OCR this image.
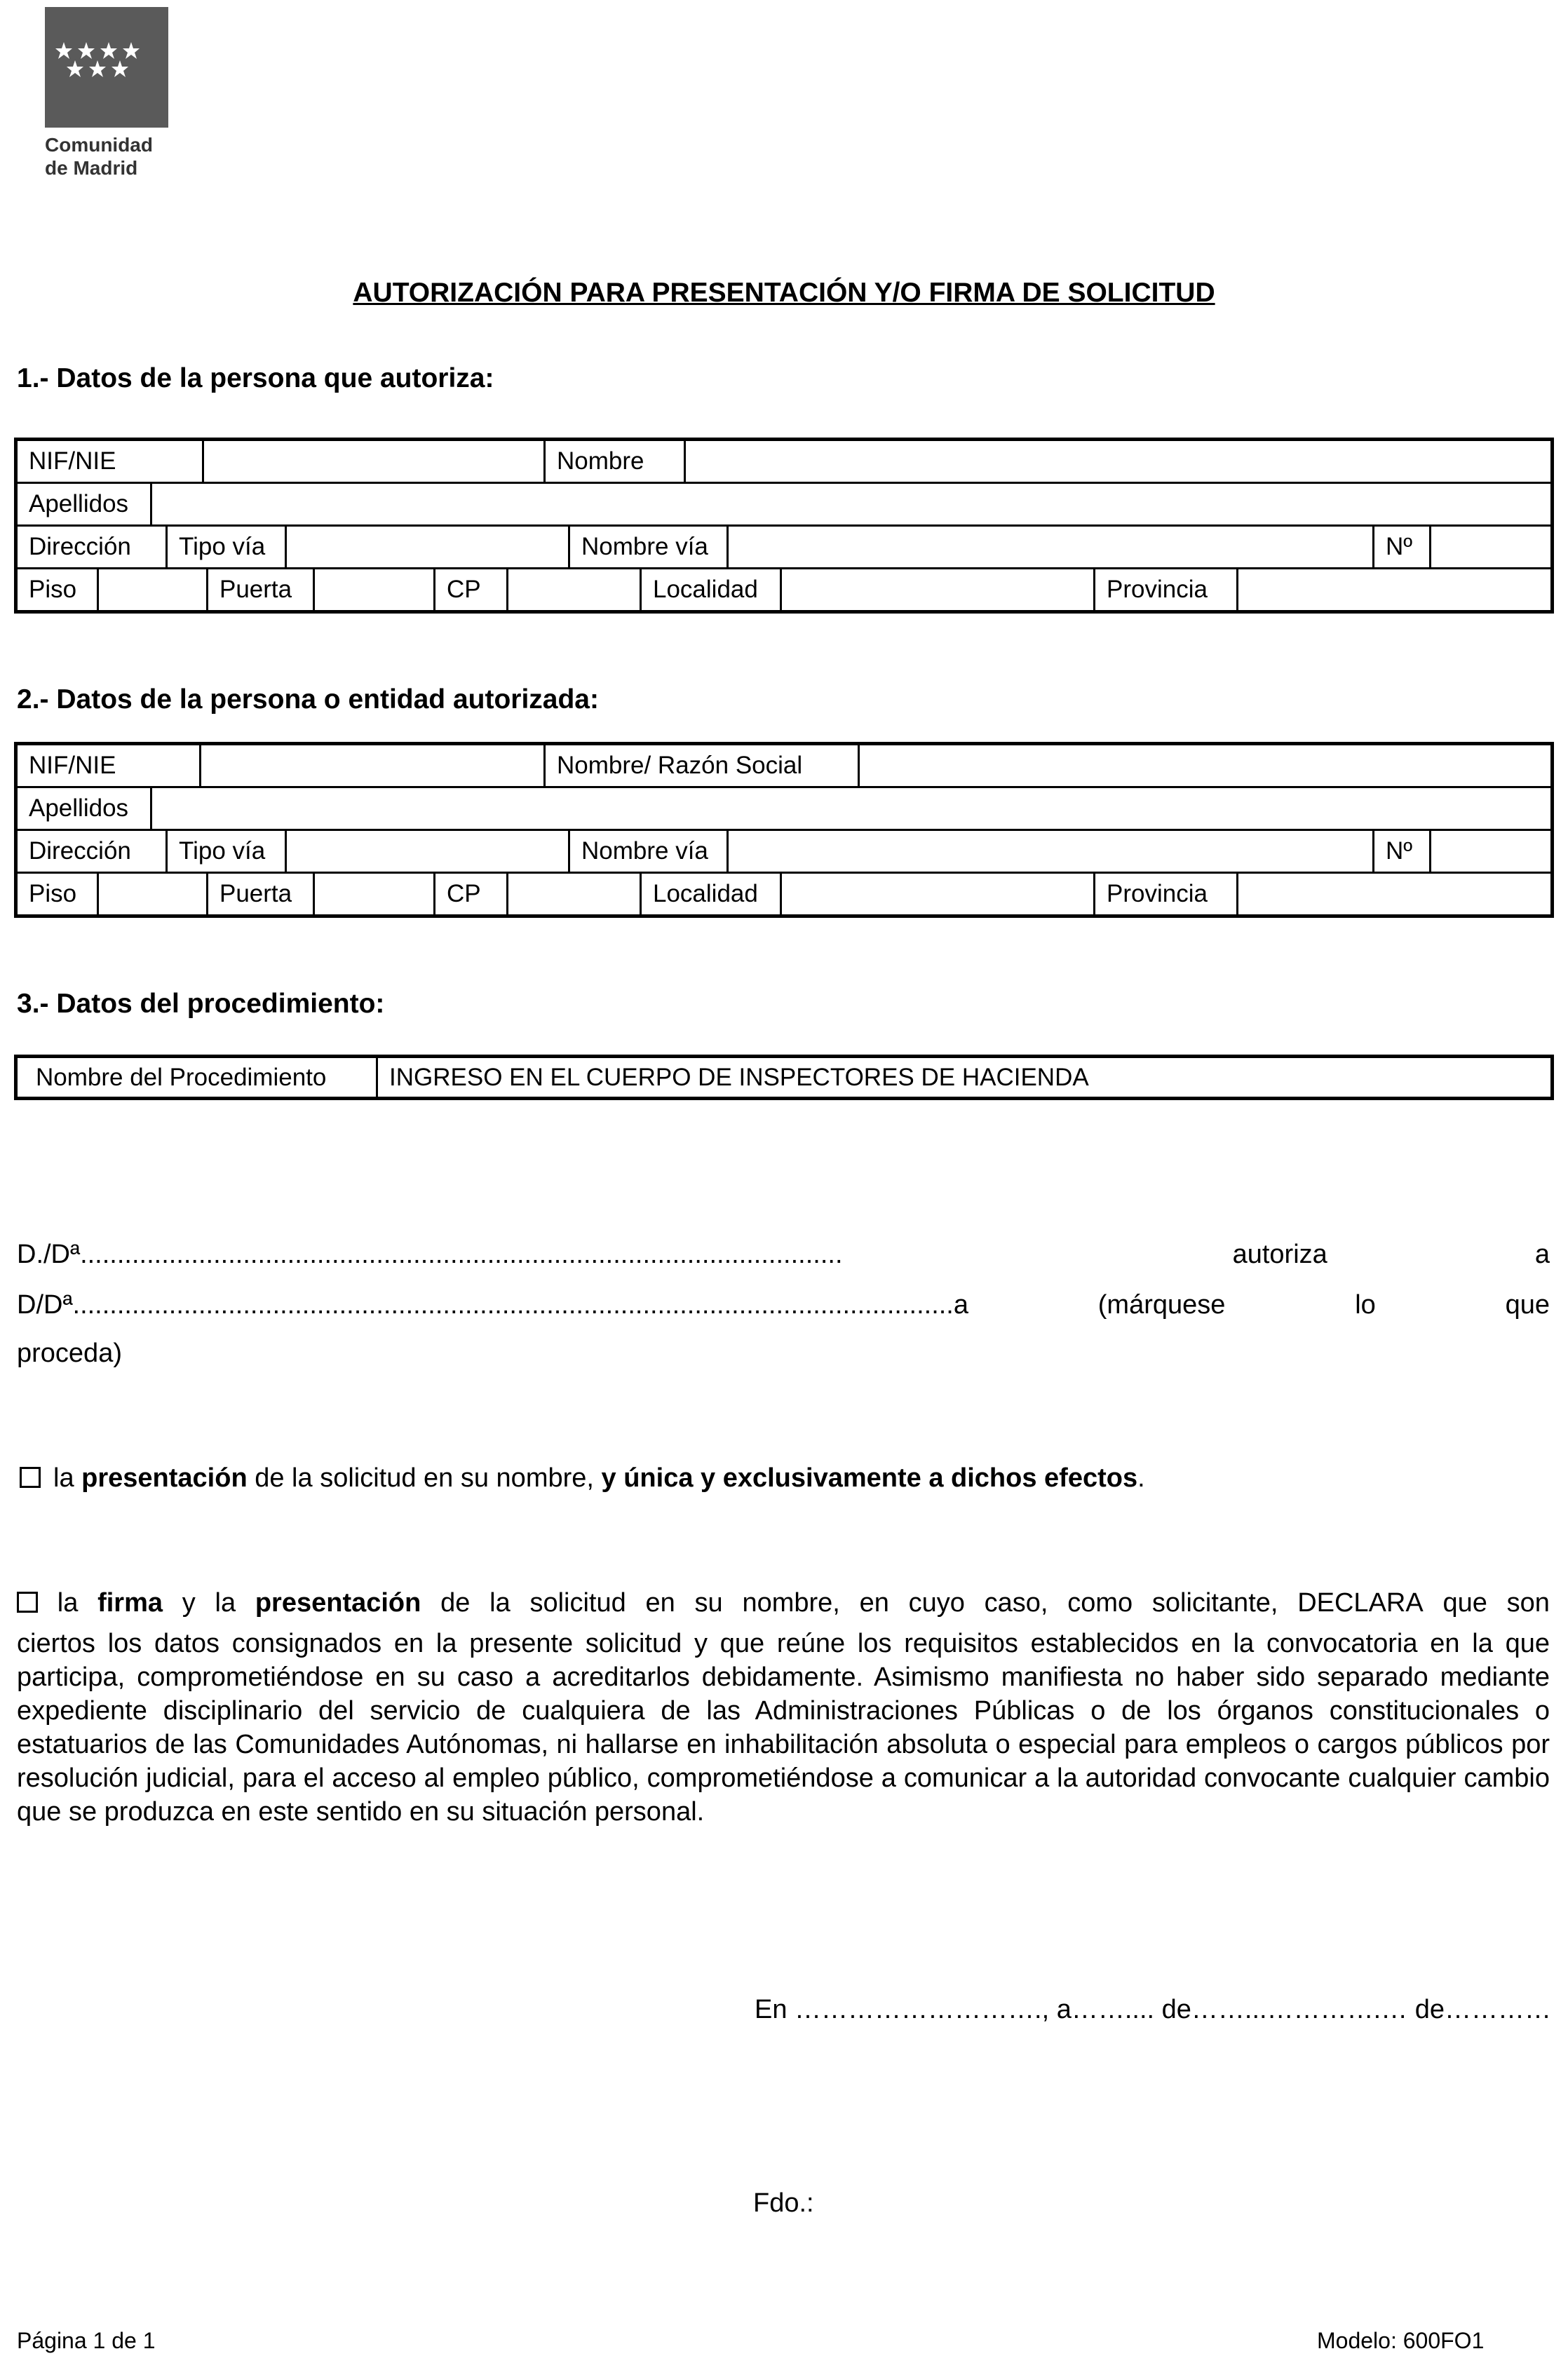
Comunidad
de Madrid
AUTORIZACIÓN PARA PRESENTACIÓN Y/O FIRMA DE SOLICITUD
1.- Datos de la persona que autoriza:
NIF/NIE	Nombre
Apellidos
Dirección	Tipo vía	Nombre vía	Nº
Piso	Puerta	CP	Localidad	Provincia
2.- Datos de la persona o entidad autorizada:
NIF/NIE	Nombre/ Razón Social
Apellidos
Dirección	Tipo vía	Nombre vía	Nº
Piso	Puerta	CP	Localidad	Provincia
3.- Datos del procedimiento:
Nombre del Procedimiento	INGRESO EN EL CUERPO DE INSPECTORES DE HACIENDA
D./Dª.......................................................................................................	autoriza	a
D/Dª.......................................................................................................................a	(márquese	lo	que
proceda)
la presentación de la solicitud en su nombre, y única y exclusivamente a dichos efectos.
la firma y la presentación de la solicitud en su nombre, en cuyo caso, como solicitante, DECLARA que son
ciertos los datos consignados en la presente solicitud y que reúne los requisitos establecidos en la convocatoria en la que participa, comprometiéndose en su caso a acreditarlos debidamente. Asimismo manifiesta no haber sido separado mediante expediente disciplinario del servicio de cualquiera de las Administraciones Públicas o de los órganos constitucionales o estatuarios de las Comunidades Autónomas, ni hallarse en inhabilitación absoluta o especial para empleos o cargos públicos por resolución judicial, para el acceso al empleo público, comprometiéndose a comunicar a la autoridad convocante cualquier cambio que se produzca en este sentido en su situación personal.
En ………………………., a…….... de……...………….… de…………
Fdo.:
Página 1 de 1	Modelo: 600FO1
